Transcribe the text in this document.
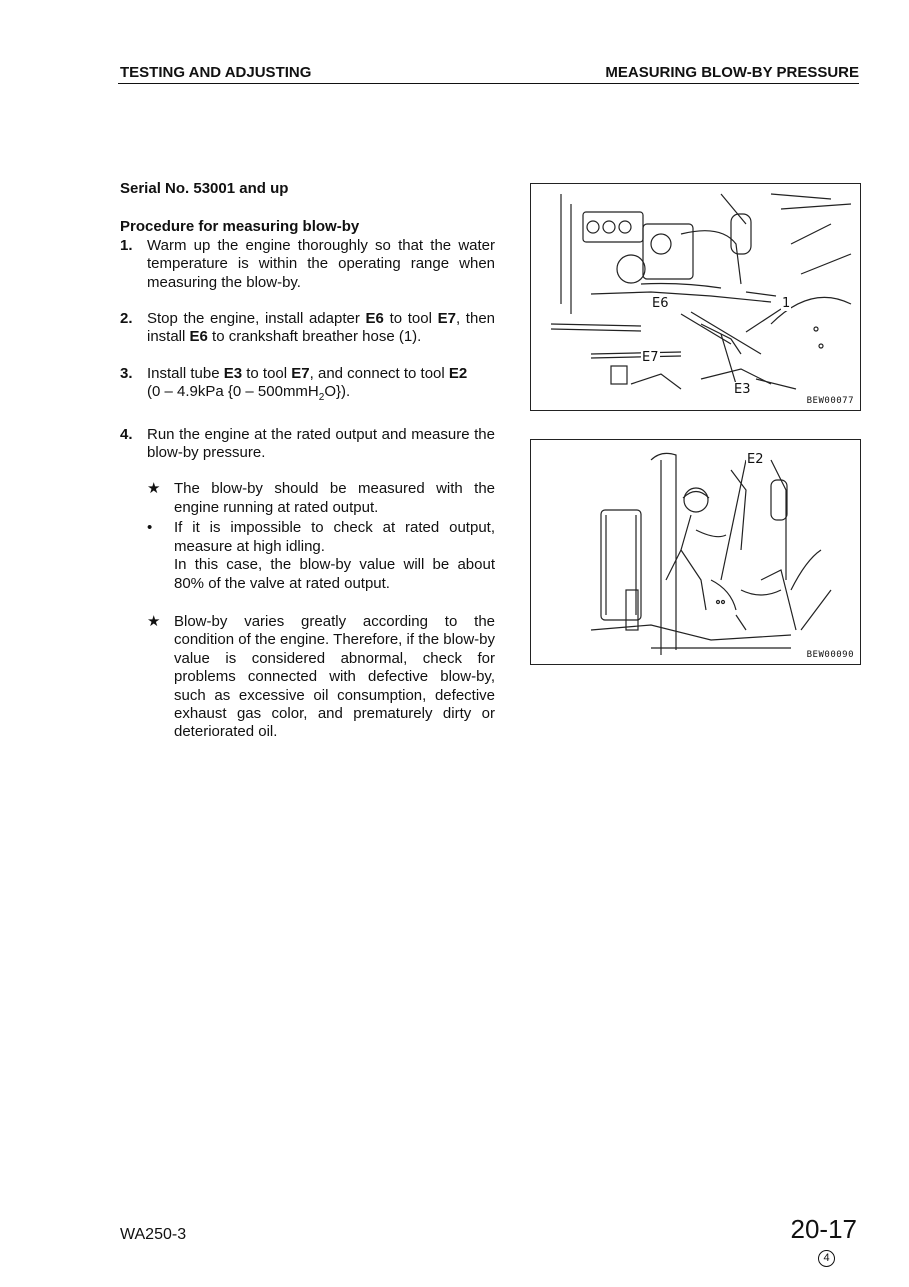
TESTING AND ADJUSTING	MEASURING BLOW-BY PRESSURE
Serial No. 53001 and up
Procedure for measuring blow-by
1. Warm up the engine thoroughly so that the water temperature is within the operating range when measuring the blow-by.
2. Stop the engine, install adapter E6 to tool E7, then install E6 to crankshaft breather hose (1).
3. Install tube E3 to tool E7, and connect to tool E2
(0 – 4.9kPa {0 – 500mmH$_2$O}).
4. Run the engine at the rated output and measure the blow-by pressure.
★ The blow-by should be measured with the engine running at rated output.
•	If it is impossible to check at rated output, measure at high idling.
In this case, the blow-by value will be about 80% of the valve at rated output.
★ Blow-by varies greatly according to the condition of the engine. Therefore, if the blow-by value is considered abnormal, check for problems connected with defective blow-by, such as excessive oil consumption, defective exhaust gas color, and prematurely dirty or deteriorated oil.
E6
E7
E3
1
BEW00077
E2
BEW00090
WA250-3	20-17
4
